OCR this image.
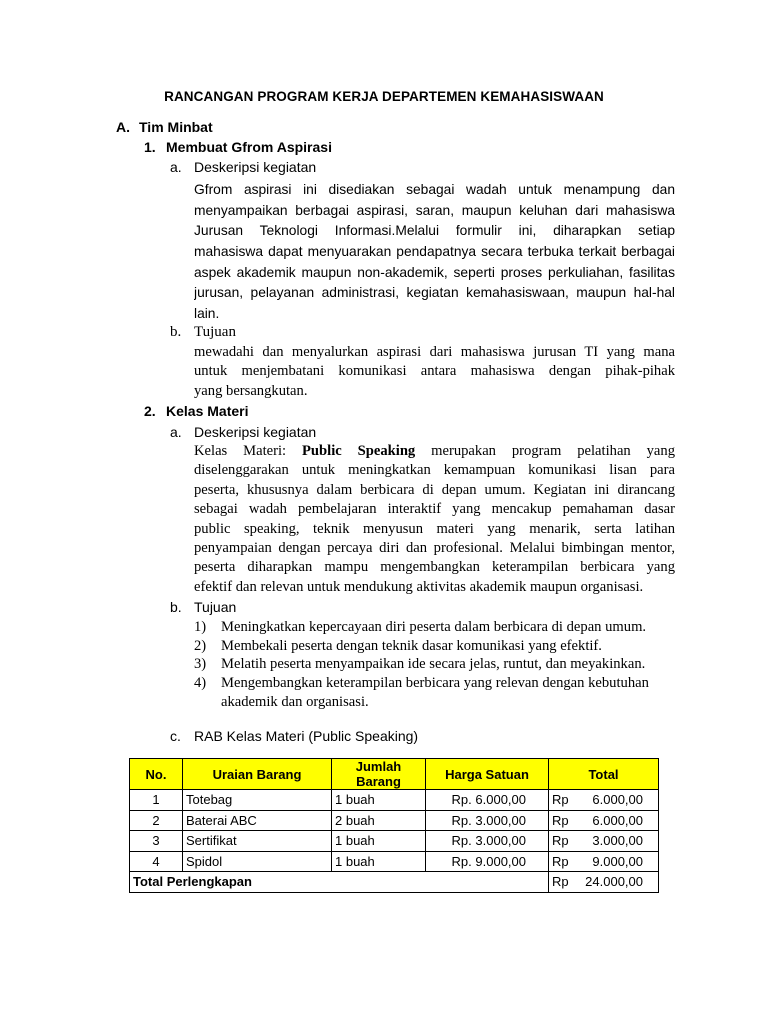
RANCANGAN PROGRAM KERJA DEPARTEMEN KEMAHASISWAAN
A. Tim Minbat
1. Membuat Gfrom Aspirasi
a. Deskeripsi kegiatan
Gfrom aspirasi ini disediakan sebagai wadah untuk menampung dan
menyampaikan berbagai aspirasi, saran, maupun keluhan dari mahasiswa
Jurusan Teknologi Informasi.Melalui formulir ini, diharapkan setiap
mahasiswa dapat menyuarakan pendapatnya secara terbuka terkait berbagai
aspek akademik maupun non-akademik, seperti proses perkuliahan, fasilitas
jurusan, pelayanan administrasi, kegiatan kemahasiswaan, maupun hal-hal
lain.
b. Tujuan
mewadahi dan menyalurkan aspirasi dari mahasiswa jurusan TI yang mana
untuk menjembatani komunikasi antara mahasiswa dengan pihak-pihak
yang bersangkutan.
2. Kelas Materi
a. Deskeripsi kegiatan
Kelas Materi: Public Speaking merupakan program pelatihan yang
diselenggarakan untuk meningkatkan kemampuan komunikasi lisan para
peserta, khususnya dalam berbicara di depan umum. Kegiatan ini dirancang
sebagai wadah pembelajaran interaktif yang mencakup pemahaman dasar
public speaking, teknik menyusun materi yang menarik, serta latihan
penyampaian dengan percaya diri dan profesional. Melalui bimbingan mentor,
peserta diharapkan mampu mengembangkan keterampilan berbicara yang
efektif dan relevan untuk mendukung aktivitas akademik maupun organisasi.
b. Tujuan
1)	Meningkatkan kepercayaan diri peserta dalam berbicara di depan umum.
2)	Membekali peserta dengan teknik dasar komunikasi yang efektif.
3)	Melatih peserta menyampaikan ide secara jelas, runtut, dan meyakinkan.
4)	Mengembangkan keterampilan berbicara yang relevan dengan kebutuhan akademik dan organisasi.
c. RAB Kelas Materi (Public Speaking)
No.	Uraian Barang	Jumlah Barang	Harga Satuan	Total
1	Totebag	1 buah	Rp. 6.000,00	Rp 6.000,00

2	Baterai ABC	2 buah	Rp. 3.000,00	Rp 6.000,00

3	Sertifikat	1 buah	Rp. 3.000,00	Rp 3.000,00

4	Spidol	1 buah	Rp. 9.000,00	Rp 9.000,00

Total Perlengkapan				Rp 24.000,00
